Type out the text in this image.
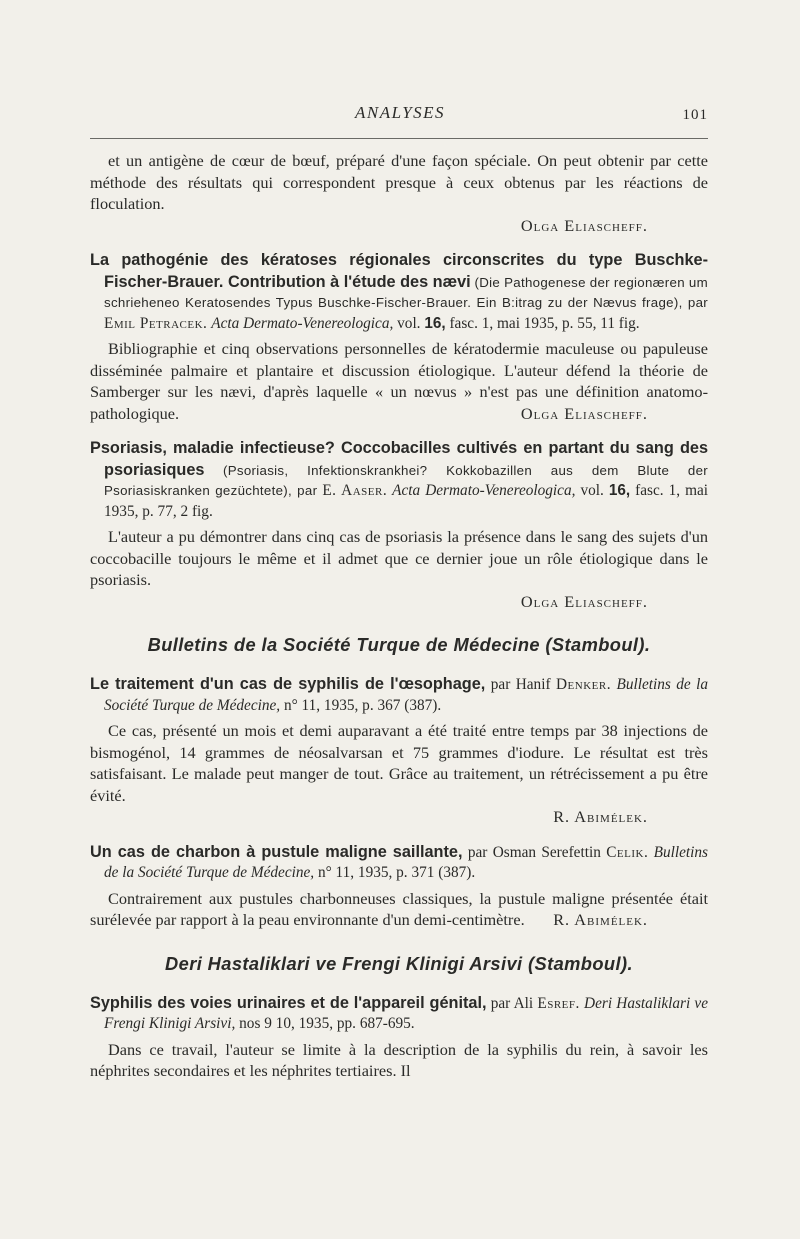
ANALYSES	101

et un antigène de cœur de bœuf, préparé d'une façon spéciale. On peut obtenir par cette méthode des résultats qui correspondent presque à ceux obtenus par les réactions de floculation.

Olga Eliascheff.

La pathogénie des kératoses régionales circonscrites du type Buschke-Fischer-Brauer. Contribution à l'étude des nævi (Die Pathogenese der regionæren um schrieheneo Keratosendes Typus Buschke-Fischer-Brauer. Ein B:itrag zu der Nævus frage), par Emil Petracek. Acta Dermato-Venereologica, vol. 16, fasc. 1, mai 1935, p. 55, 11 fig.

Bibliographie et cinq observations personnelles de kératodermie maculeuse ou papuleuse disséminée palmaire et plantaire et discussion étiologique. L'auteur défend la théorie de Samberger sur les nævi, d'après laquelle « un nœvus » n'est pas une définition anatomo-pathologique.	Olga Eliascheff.

Psoriasis, maladie infectieuse? Coccobacilles cultivés en partant du sang des psoriasiques (Psoriasis, Infektionskrankhei? Kokkobazillen aus dem Blute der Psoriasiskranken gezüchtete), par E. Aaser. Acta Dermato-Venereologica, vol. 16, fasc. 1, mai 1935, p. 77, 2 fig.

L'auteur a pu démontrer dans cinq cas de psoriasis la présence dans le sang des sujets d'un coccobacille toujours le même et il admet que ce dernier joue un rôle étiologique dans le psoriasis.

Olga Eliascheff.

Bulletins de la Société Turque de Médecine (Stamboul).
Le traitement d'un cas de syphilis de l'œsophage, par Hanif Denker. Bulletins de la Société Turque de Médecine, n° 11, 1935, p. 367 (387).

Ce cas, présenté un mois et demi auparavant a été traité entre temps par 38 injections de bismogénol, 14 grammes de néosalvarsan et 75 grammes d'iodure. Le résultat est très satisfaisant. Le malade peut manger de tout. Grâce au traitement, un rétrécissement a pu être évité.

R. Abimélek.

Un cas de charbon à pustule maligne saillante, par Osman Serefettin Celik. Bulletins de la Société Turque de Médecine, n° 11, 1935, p. 371 (387).

Contrairement aux pustules charbonneuses classiques, la pustule maligne présentée était surélevée par rapport à la peau environnante d'un demi-centimètre.	R. Abimélek.

Deri Hastaliklari ve Frengi Klinigi Arsivi (Stamboul).
Syphilis des voies urinaires et de l'appareil génital, par Ali Esref. Deri Hastaliklari ve Frengi Klinigi Arsivi, nos 9 10, 1935, pp. 687-695.

Dans ce travail, l'auteur se limite à la description de la syphilis du rein, à savoir les néphrites secondaires et les néphrites tertiaires. Il
